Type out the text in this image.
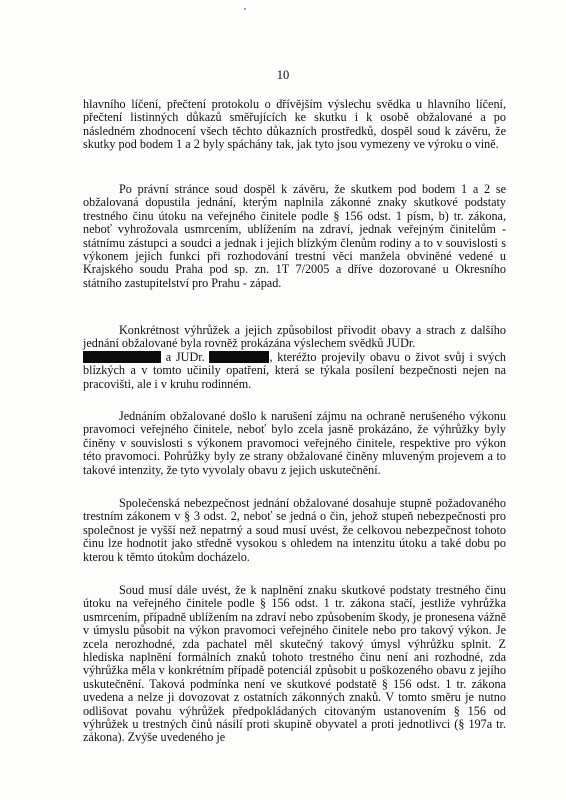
10

hlavního líčení, přečtení protokolu o dřívějším výslechu svědka u hlavního líčení, přečtení listinných důkazů směřujících ke skutku i k osobě obžalované a po následném zhodnocení všech těchto důkazních prostředků, dospěl soud k závěru, že skutky pod bodem 1 a 2 byly spáchány tak, jak tyto jsou vymezeny ve výroku o vině.

Po právní stránce soud dospěl k závěru, že skutkem pod bodem 1 a 2 se obžalovaná dopustila jednání, kterým naplnila zákonné znaky skutkové podstaty trestného činu útoku na veřejného činitele podle § 156 odst. 1 písm, b) tr. zákona, neboť vyhrožovala usmrcením, ublížením na zdraví, jednak veřejným činitelům - státnímu zástupci a soudci a jednak i jejich blízkým členům rodiny a to v souvislosti s výkonem jejich funkci při rozhodování trestní věci manžela obviněné vedené u Krajského soudu Praha pod sp. zn. 1T 7/2005 a dříve dozorované u Okresního státního zastupitelství pro Prahu - západ.

Konkrétnost výhrůžek a jejich způsobilost přivodit obavy a strach z dalšího jednání obžalované byla rovněž prokázána výslechem svědků JUDr.
a JUDr.	, kteréžto projevily obavu o život svůj i svých blízkých a v tomto učinily opatření, která se týkala posílení bezpečnosti nejen na pracovišti, ale i v kruhu rodinném.

Jednáním obžalované došlo k narušení zájmu na ochraně nerušeného výkonu pravomoci veřejného činitele, neboť bylo zcela jasně prokázáno, že výhrůžky byly činěny v souvislosti s výkonem pravomoci veřejného činitele, respektive pro výkon této pravomoci. Pohrůžky byly ze strany obžalované činěny mluveným projevem a to takové intenzity, že tyto vyvolaly obavu z jejich uskutečnění.

Společenská nebezpečnost jednání obžalované dosahuje stupně požadovaného trestním zákonem v § 3 odst. 2, neboť se jedná o čin, jehož stupeň nebezpečnosti pro společnost je vyšší než nepatrný a soud musí uvést, že celkovou nebezpečnost tohoto činu lze hodnotit jako středně vysokou s ohledem na intenzitu útoku a také dobu po kterou k těmto útokům docházelo.

Soud musí dále uvést, že k naplnění znaku skutkové podstaty trestného činu útoku na veřejného činitele podle § 156 odst. 1 tr. zákona stačí, jestliže vyhrůžka usmrcením, případně ublížením na zdraví nebo způsobením škody, je pronesena vážně v úmyslu působit na výkon pravomoci veřejného činitele nebo pro takový výkon. Je zcela nerozhodné, zda pachatel měl skutečný takový úmysl výhrůžku splnit. Z hlediska naplnění formálních znaků tohoto trestného činu není ani rozhodné, zda výhrůžka měla v konkrétním případě potenciál způsobit u poškozeného obavu z jejího uskutečnění. Taková podmínka není ve skutkové podstatě § 156 odst. 1 tr. zákona uvedena a nelze ji dovozovat z ostatních zákonných znaků. V tomto směru je nutno odlišovat povahu výhrůžek předpokládaných citovaným ustanovením § 156 od výhrůžek u trestných činů násilí proti skupině obyvatel a proti jednotlivci (§ 197a tr. zákona). Zvýše uvedeného je
